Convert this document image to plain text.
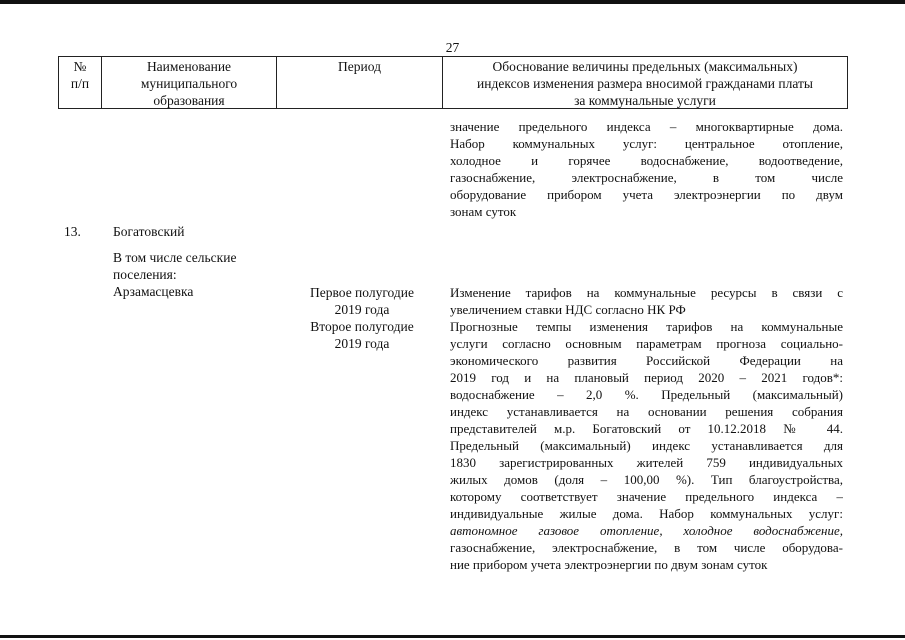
27
№
п/п
Наименование
муниципального
образования
Период	Обоснование величины предельных (максимальных)
индексов изменения размера вносимой гражданами платы
за коммунальные услуги
значение предельного индекса – многоквартирные дома.
Набор коммунальных услуг: центральное отопление,
холодное и горячее водоснабжение, водоотведение,
газоснабжение, электроснабжение, в том числе
оборудование прибором учета электроэнергии по двум
зонам суток
13. Богатовский
В том числе сельские поселения:
Арзамасцевка	Первое полугодие
2019 года
Второе полугодие
2019 года
Изменение тарифов на коммунальные ресурсы в связи с
увеличением ставки НДС согласно НК РФ
Прогнозные темпы изменения тарифов на коммунальные
услуги согласно основным параметрам прогноза социально-
экономического развития Российской Федерации на
2019 год и на плановый период 2020 – 2021 годов*:
водоснабжение – 2,0 %. Предельный (максимальный)
индекс устанавливается на основании решения собрания
представителей м.р. Богатовский от 10.12.2018 № 44.
Предельный (максимальный) индекс устанавливается для
1830 зарегистрированных жителей 759 индивидуальных
жилых домов (доля – 100,00 %). Тип благоустройства,
которому соответствует значение предельного индекса –
индивидуальные жилые дома. Набор коммунальных услуг:
автономное газовое отопление, холодное водоснабжение,
газоснабжение, электроснабжение, в том числе оборудова-
ние прибором учета электроэнергии по двум зонам суток
